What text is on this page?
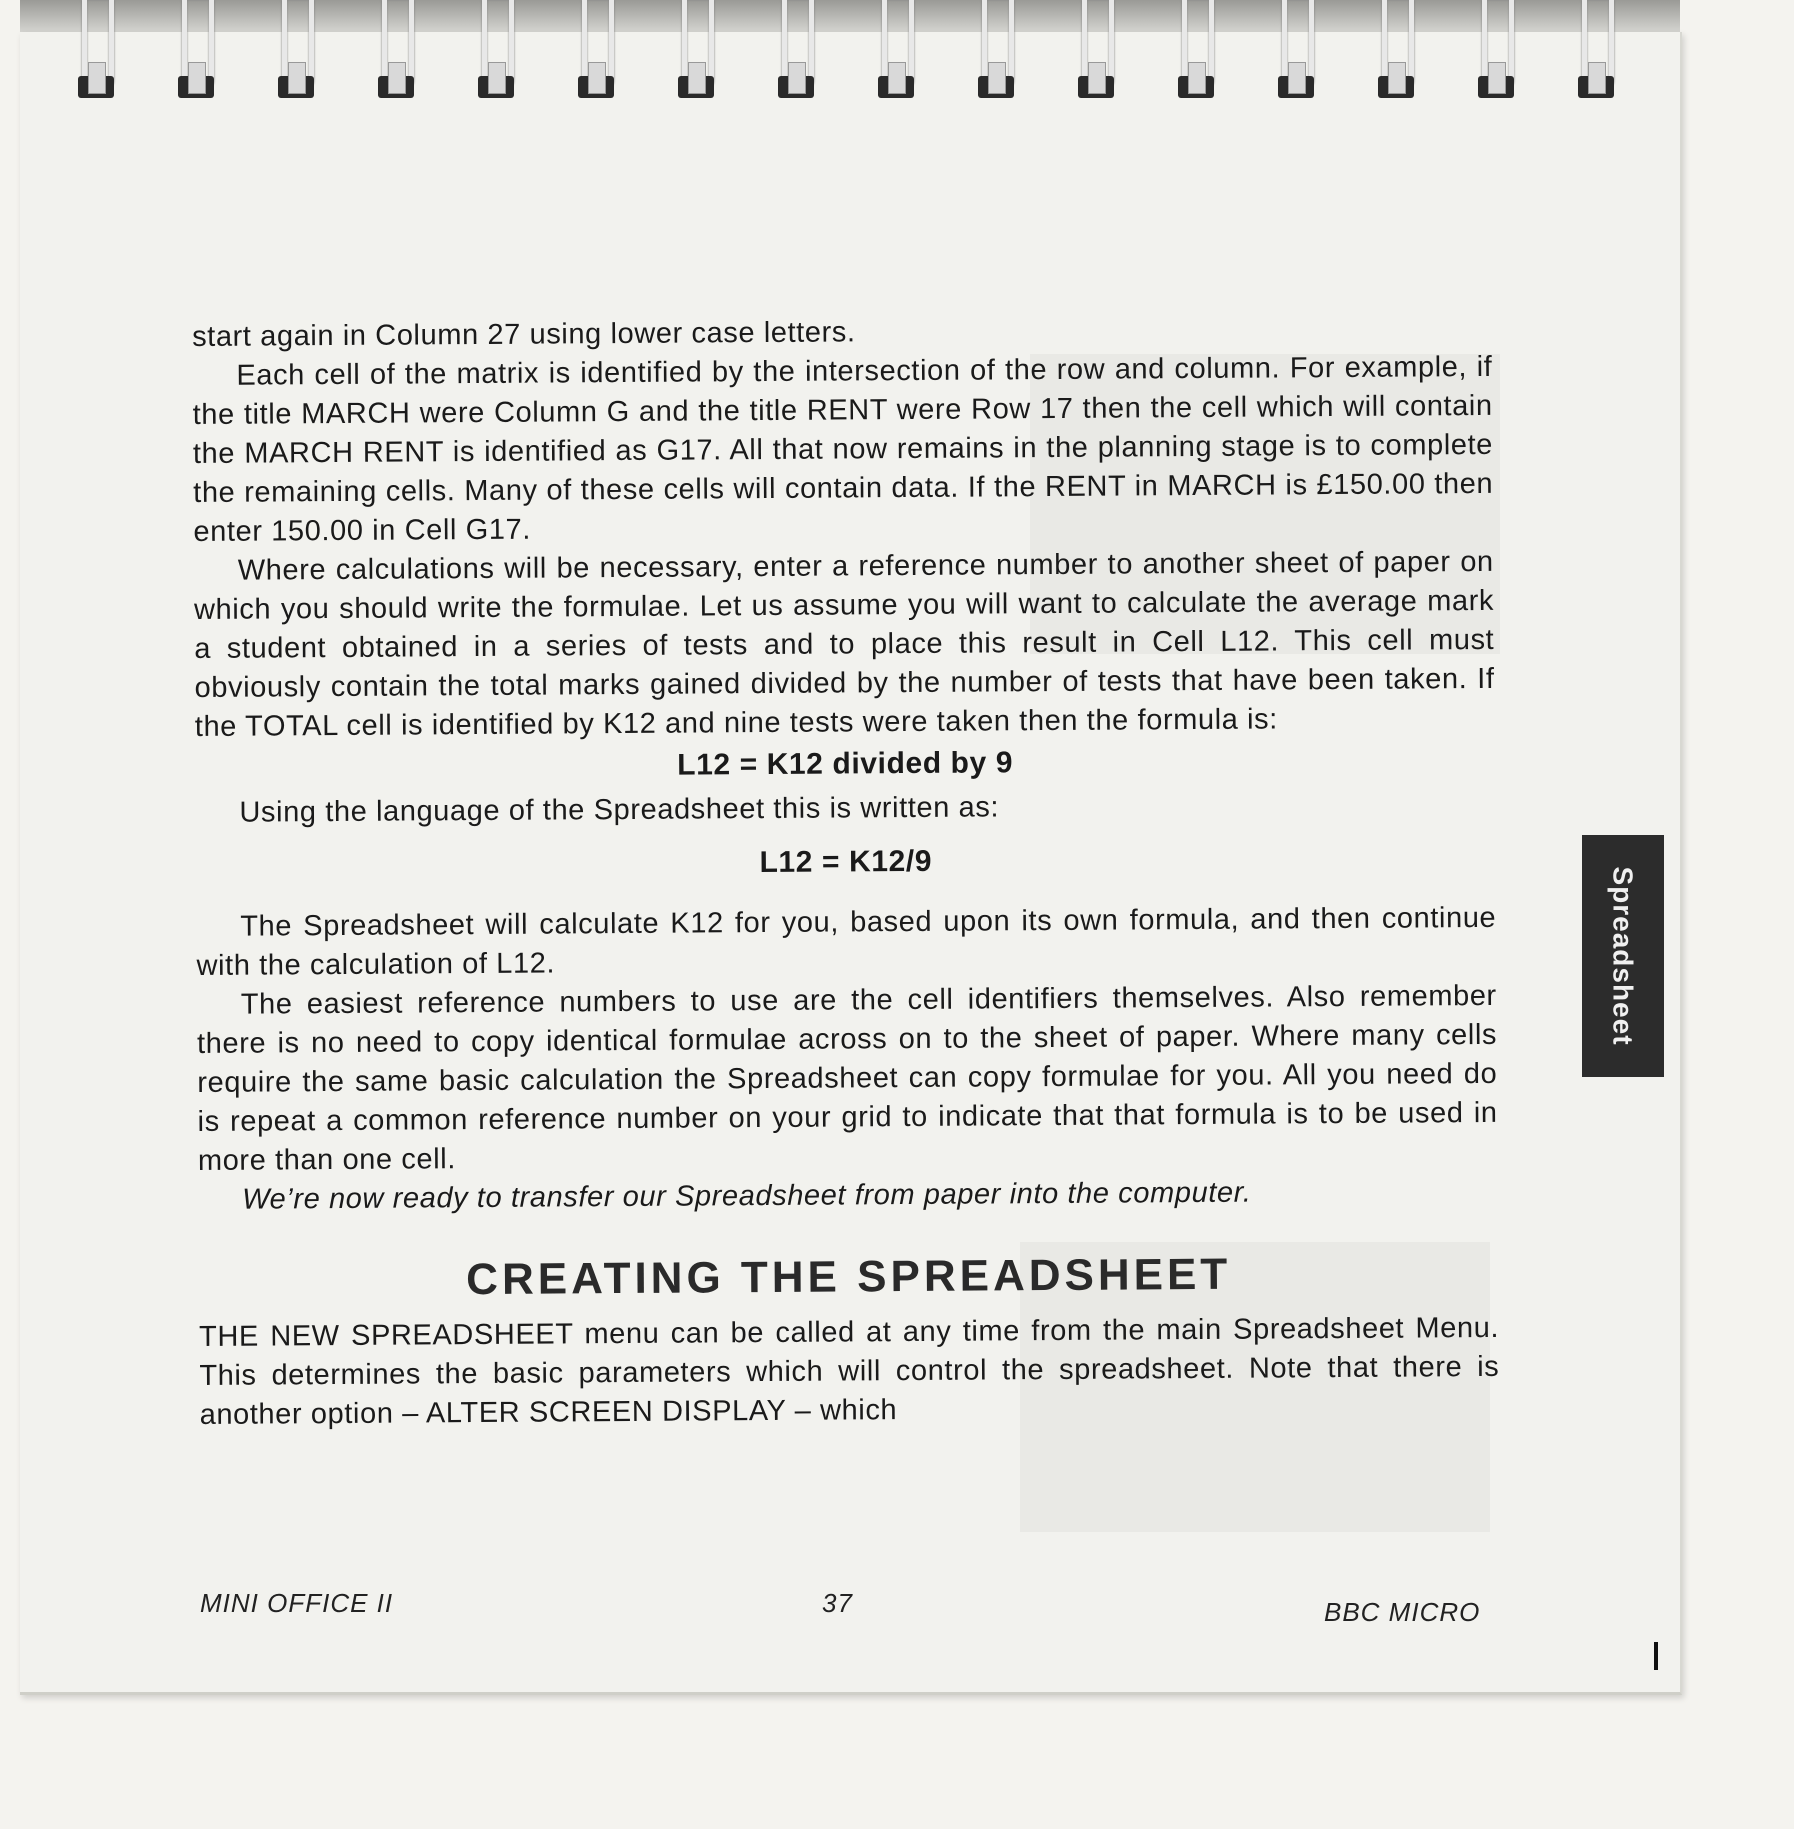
start again in Column 27 using lower case letters.

Each cell of the matrix is identified by the intersection of the row and column. For example, if the title MARCH were Column G and the title RENT were Row 17 then the cell which will contain the MARCH RENT is identified as G17. All that now remains in the planning stage is to complete the remaining cells. Many of these cells will contain data. If the RENT in MARCH is £150.00 then enter 150.00 in Cell G17.

Where calculations will be necessary, enter a reference number to another sheet of paper on which you should write the formulae. Let us assume you will want to calculate the average mark a student obtained in a series of tests and to place this result in Cell L12. This cell must obviously contain the total marks gained divided by the number of tests that have been taken. If the TOTAL cell is identified by K12 and nine tests were taken then the formula is:

L12 = K12 divided by 9

Using the language of the Spreadsheet this is written as:

L12 = K12/9

The Spreadsheet will calculate K12 for you, based upon its own formula, and then continue with the calculation of L12.

The easiest reference numbers to use are the cell identifiers themselves. Also remember there is no need to copy identical formulae across on to the sheet of paper. Where many cells require the same basic calculation the Spreadsheet can copy formulae for you. All you need do is repeat a common reference number on your grid to indicate that that formula is to be used in more than one cell.

We’re now ready to transfer our Spreadsheet from paper into the computer.

CREATING THE SPREADSHEET

THE NEW SPREADSHEET menu can be called at any time from the main Spreadsheet Menu. This determines the basic parameters which will control the spreadsheet. Note that there is another option – ALTER SCREEN DISPLAY – which

MINI OFFICE II	37	BBC MICRO
Spreadsheet
